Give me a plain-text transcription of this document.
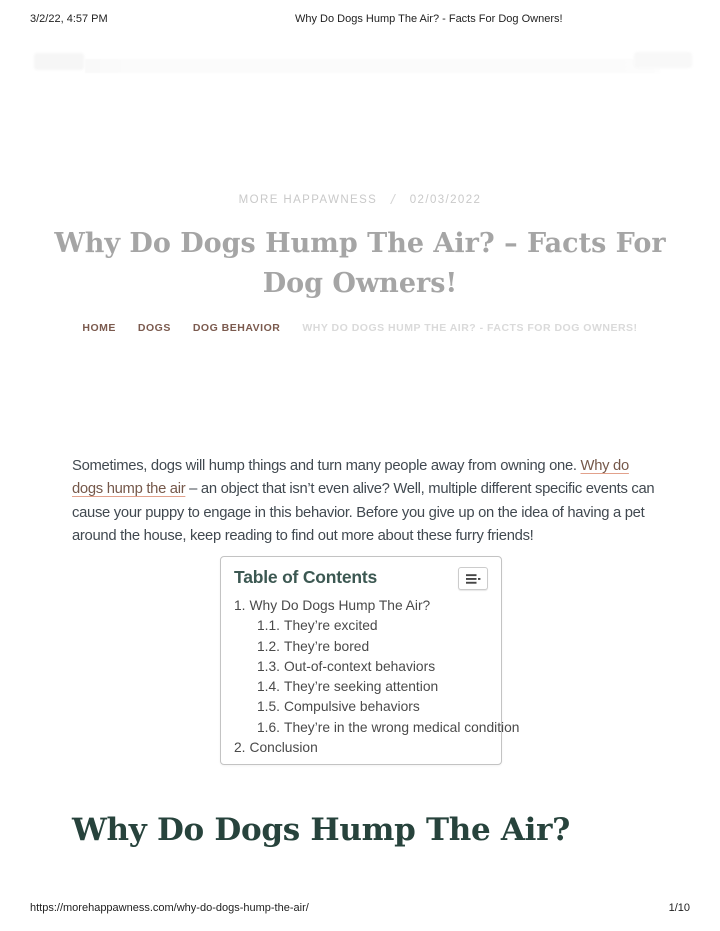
3/2/22, 4:57 PM	Why Do Dogs Hump The Air? - Facts For Dog Owners!
MORE HAPPAWNESS / 02/03/2022
Why Do Dogs Hump The Air? – Facts For
Dog Owners!
HOME DOGS DOG BEHAVIOR WHY DO DOGS HUMP THE AIR? - FACTS FOR DOG OWNERS!

Sometimes, dogs will hump things and turn many people away from owning one. Why do dogs hump the air – an object that isn’t even alive? Well, multiple different specific events can cause your puppy to engage in this behavior. Before you give up on the idea of having a pet around the house, keep reading to find out more about these furry friends!

Table of Contents
1. Why Do Dogs Hump The Air?
1.1. They’re excited
1.2. They’re bored
1.3. Out-of-context behaviors
1.4. They’re seeking attention
1.5. Compulsive behaviors
1.6. They’re in the wrong medical condition
2. Conclusion
Why Do Dogs Hump The Air?
https://morehappawness.com/why-do-dogs-hump-the-air/	1/10
